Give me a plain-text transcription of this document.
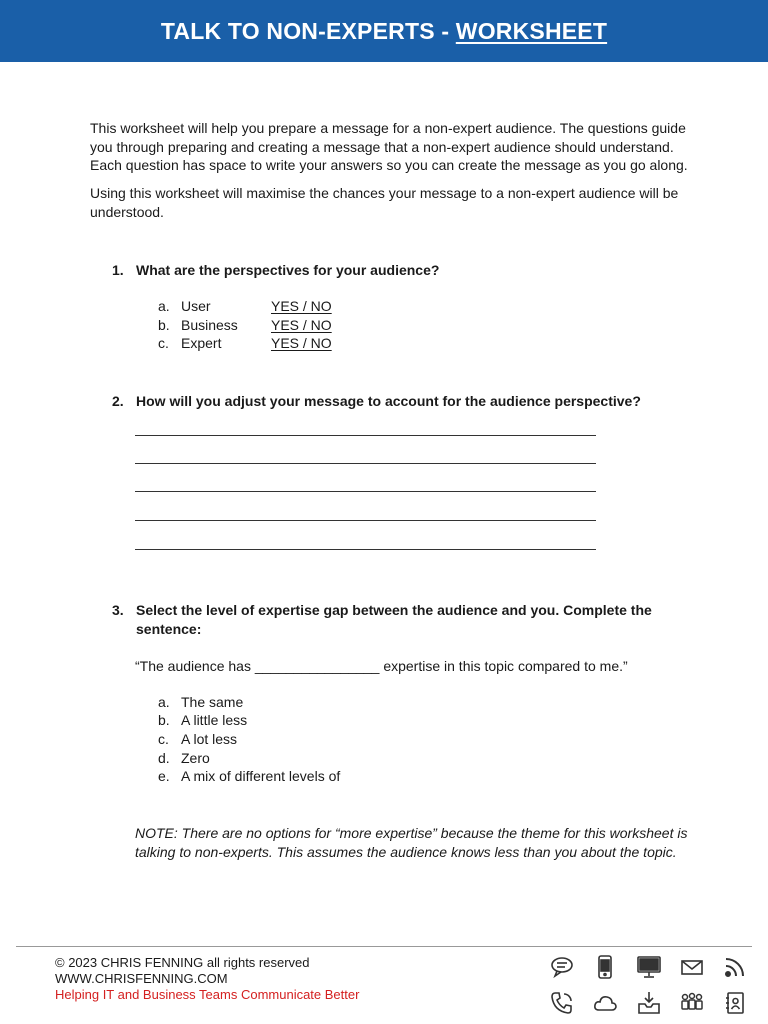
TALK TO NON-EXPERTS -
WORKSHEET

This worksheet will help you prepare a message for a non-expert audience. The questions guide you through preparing and creating a message that a non-expert audience should understand. Each question has space to write your answers so you can create the message as you go along.

Using this worksheet will maximise the chances your message to a non-expert audience will be understood.

1. What are the perspectives for your audience?
a. User	YES / NO
b. Business	YES / NO
c. Expert	YES / NO
2. How will you adjust your message to account for the audience perspective?
3. Select the level of expertise gap between the audience and you. Complete the sentence:
“The audience has ________________ expertise in this topic compared to me.”
a. The same
b. A little less
c. A lot less
d. Zero
e. A mix of different levels of

NOTE: There are no options for “more expertise” because the theme for this worksheet is talking to non-experts. This assumes the audience knows less than you about the topic.

© 2023 CHRIS FENNING all rights reserved
WWW.CHRISFENNING.COM
Helping IT and Business Teams Communicate Better
